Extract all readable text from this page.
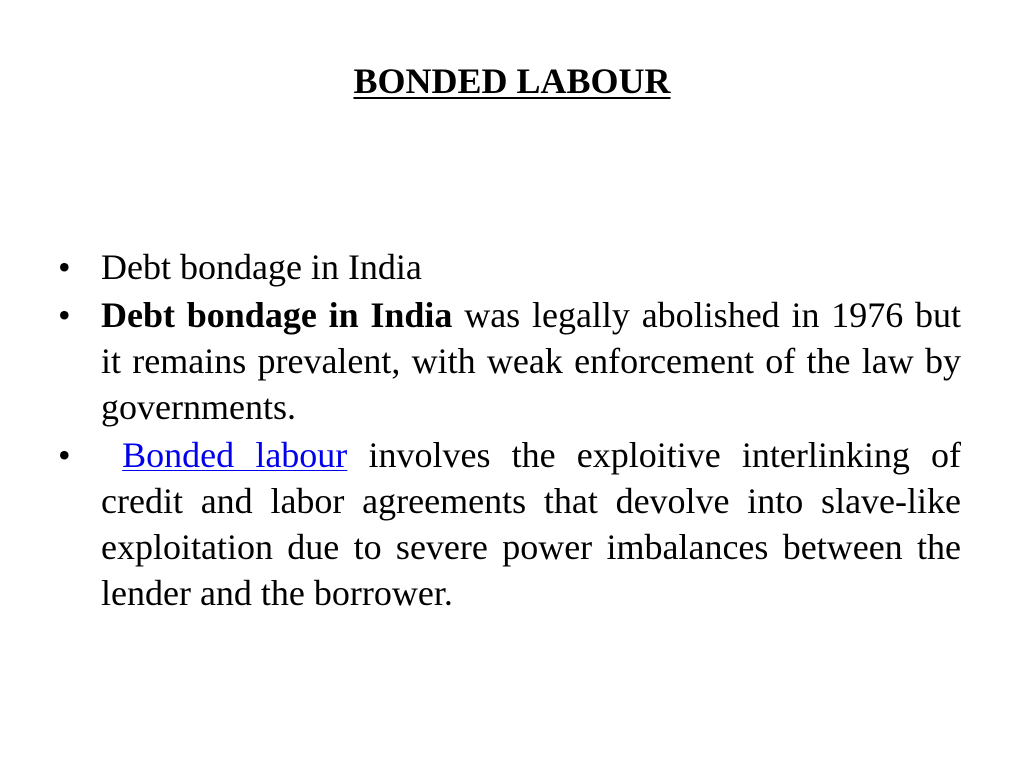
BONDED LABOUR
• Debt bondage in India
• Debt bondage in India was legally abolished in 1976 but it remains prevalent, with weak enforcement of the law by governments.
• Bonded labour involves the exploitive interlinking of credit and labor agreements that devolve into slave-like exploitation due to severe power imbalances between the lender and the borrower.
